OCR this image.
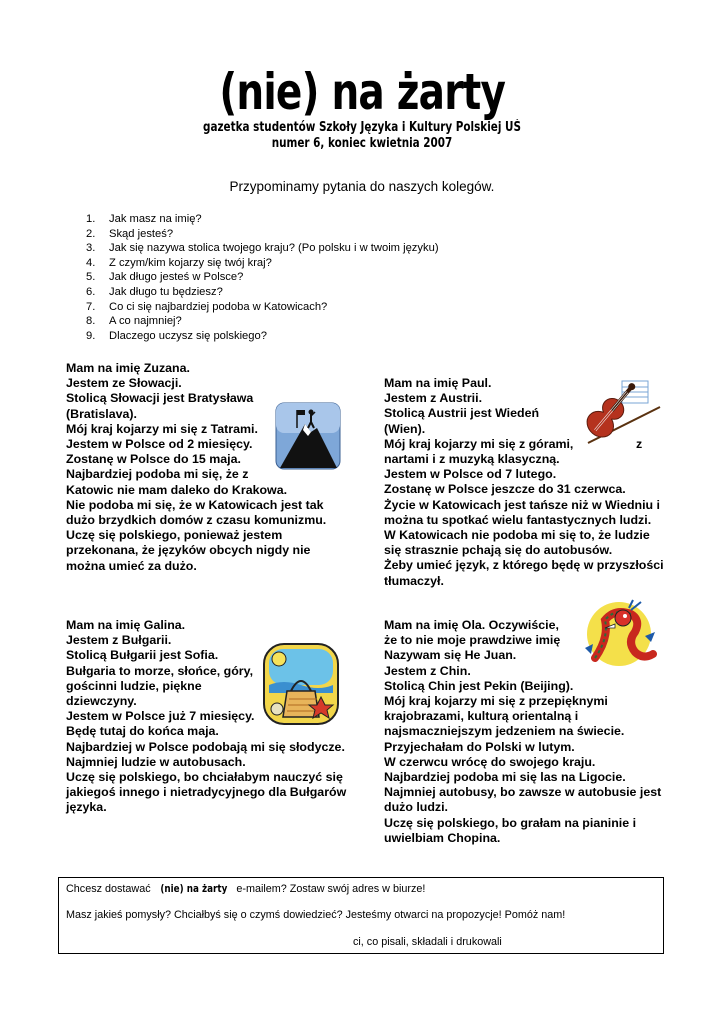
(nie) na żarty
gazetka studentów Szkoły Języka i Kultury Polskiej UŚ
numer 6, koniec kwietnia 2007
Przypominamy pytania do naszych kolegów.
1.	Jak masz na imię?
2.	Skąd jesteś?
3.	Jak się nazywa stolica twojego kraju? (Po polsku i w twoim języku)
4.	Z czym/kim kojarzy się twój kraj?
5.	Jak długo jesteś w Polsce?
6.	Jak długo tu będziesz?
7.	Co ci się najbardziej podoba w Katowicach?
8.	A co najmniej?
9.	Dlaczego uczysz się polskiego?

Mam na imię Zuzana.

Jestem ze Słowacji.

Stolicą Słowacji jest Bratysława

(Bratislava).

Mój kraj kojarzy mi się z Tatrami.

Jestem w Polsce od 2 miesięcy.

Zostanę w Polsce do 15 maja.

Najbardziej podoba mi się, że z

Katowic nie mam daleko do Krakowa.

Nie podoba mi się, że w Katowicach jest tak

dużo brzydkich domów z czasu komunizmu.

Uczę się polskiego, ponieważ jestem

przekonana, że języków obcych nigdy nie

można umieć za dużo.

Mam na imię Paul.

Jestem z Austrii.

Stolicą Austrii jest Wiedeń

(Wien).

Mój kraj kojarzy mi się z górami,

nartami i z muzyką klasyczną.

Jestem w Polsce od 7 lutego.

Zostanę w Polsce jeszcze do 31 czerwca.

Życie w Katowicach jest tańsze niż w Wiedniu i

można tu spotkać wielu fantastycznych ludzi.

W Katowicach nie podoba mi się to, że ludzie

się strasznie pchają się do autobusów.

Żeby umieć język, z którego będę w przyszłości

tłumaczył.

z

Mam na imię Galina.

Jestem z Bułgarii.

Stolicą Bułgarii jest Sofia.

Bułgaria to morze, słońce, góry,

gościnni ludzie, piękne

dziewczyny.

Jestem w Polsce już 7 miesięcy.

Będę tutaj do końca maja.

Najbardziej w Polsce podobają mi się słodycze.

Najmniej ludzie w autobusach.

Uczę się polskiego, bo chciałabym nauczyć się

jakiegoś innego i nietradycyjnego dla Bułgarów

języka.

Mam na imię Ola. Oczywiście,

że to nie moje prawdziwe imię

Nazywam się He Juan.

Jestem z Chin.

Stolicą Chin jest Pekin (Beijing).

Mój kraj kojarzy mi się z przepięknymi

krajobrazami, kulturą orientalną i

najsmaczniejszym jedzeniem na świecie.

Przyjechałam do Polski w lutym.

W czerwcu wrócę do swojego kraju.

Najbardziej podoba mi się las na Ligocie.

Najmniej autobusy, bo zawsze w autobusie jest

dużo ludzi.

Uczę się polskiego, bo grałam na pianinie i

uwielbiam Chopina.

Chcesz dostawać (nie) na żarty e-mailem? Zostaw swój adres w biurze!
Masz jakieś pomysły? Chciałbyś się o czymś dowiedzieć? Jesteśmy otwarci na propozycje! Pomóż nam!
ci, co pisali, składali i drukowali
